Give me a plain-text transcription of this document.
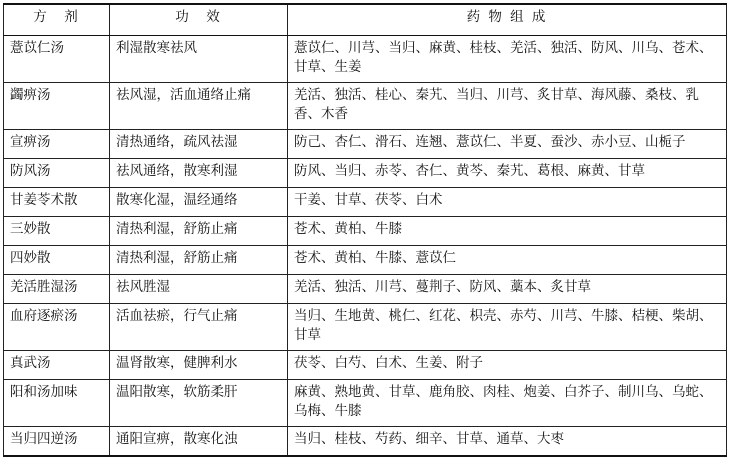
方　剂	功　效	药 物 组 成
薏苡仁汤	利湿散寒祛风	薏苡仁、川芎、当归、麻黄、桂枝、羌活、独活、防风、川乌、苍术、甘草、生姜
蠲痹汤	祛风湿，活血通络止痛	羌活、独活、桂心、秦艽、当归、川芎、炙甘草、海风藤、桑枝、乳香、木香
宣痹汤	清热通络，疏风祛湿	防己、杏仁、滑石、连翘、薏苡仁、半夏、蚕沙、赤小豆、山栀子
防风汤	祛风通络，散寒利湿	防风、当归、赤苓、杏仁、黄芩、秦艽、葛根、麻黄、甘草
甘姜苓术散	散寒化湿，温经通络	干姜、甘草、茯苓、白术
三妙散	清热利湿，舒筋止痛	苍术、黄柏、牛膝
四妙散	清热利湿，舒筋止痛	苍术、黄柏、牛膝、薏苡仁
羌活胜湿汤	祛风胜湿	羌活、独活、川芎、蔓荆子、防风、藁本、炙甘草
血府逐瘀汤	活血祛瘀，行气止痛	当归、生地黄、桃仁、红花、枳壳、赤芍、川芎、牛膝、桔梗、柴胡、甘草
真武汤	温肾散寒，健脾利水	茯苓、白芍、白术、生姜、附子
阳和汤加味	温阳散寒，软筋柔肝	麻黄、熟地黄、甘草、鹿角胶、肉桂、炮姜、白芥子、制川乌、乌蛇、乌梅、牛膝
当归四逆汤	通阳宣痹，散寒化浊	当归、桂枝、芍药、细辛、甘草、通草、大枣
